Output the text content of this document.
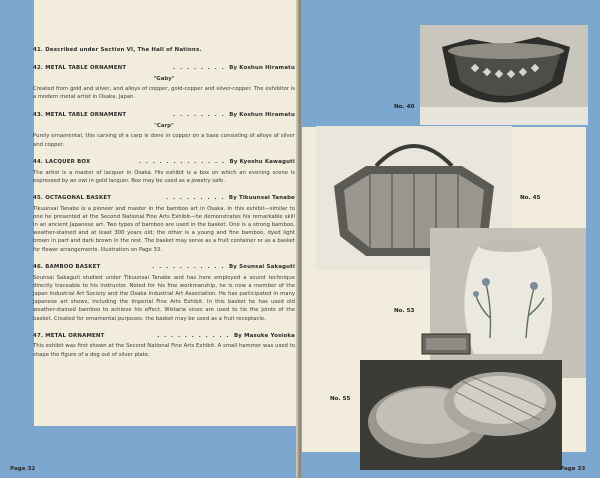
41. Described under Section VI, The Hall of Nations.
42. METAL TABLE ORNAMENT	. . . . . . . . By Koshun Hiramatu
"Gaby"
Created from gold and silver, and alloys of copper, gold-copper and silver-copper. The exhibitor is a modern metal artist in Osaka, Japan.
43. METAL TABLE ORNAMENT	. . . . . . . . By Koshun Hiramatu
"Carp"
Purely ornamental, this carving of a carp is done in copper on a base consisting of alloys of silver and copper.
44. LACQUER BOX	. . . . . . . . . . . . . By Kyoshu Kawaguti
The artist is a master of lacquer in Osaka. His exhibit is a box on which an evening scene is expressed by an owl in gold lacquer. Box may be used as a jewelry safe.
45. OCTAGONAL BASKET	. . . . . . . . . By Tikuunsai Tanabe
Tikuunsai Tanabe is a pioneer and master in the bamboo art in Osaka. In this exhibit—similar to one he presented at the Second National Fine Arts Exhibit—he demonstrates his remarkable skill in an ancient Japanese art. Two types of bamboo are used in the basket. One is a strong bamboo, weather-stained and at least 300 years old; the other is a young and fine bamboo, dyed light brown in part and dark brown in the rest. The basket may serve as a fruit container or as a basket for flower arrangements. Illustration on Page 33.
46. BAMBOO BASKET	. . . . . . . . . . . By Sounsai Sakaguti
Sounsai Sakaguti studied under Tikuunsai Tanabe and has here employed a sound technique directly traceable to his instructor. Noted for his fine workmanship, he is now a member of the Japan Industrial Art Society and the Osaka Industrial Art Association. He has participated in many Japanese art shows, including the Imperial Fine Arts Exhibit. In this basket he has used old weather-stained bamboo to achieve his effect. Wistaria vines are used to tie the joints of the basket. Created for ornamental purposes, the basket may be used as a fruit receptacle.
47. METAL ORNAMENT	. . . . . . . . . . . By Masuke Yosioka
This exhibit was first shown at the Second National Fine Arts Exhibit. A small hammer was used to shape the figure of a dog out of silver plate.
Page 32
No. 40
No. 45
No. 53
No. 55
Page 33
